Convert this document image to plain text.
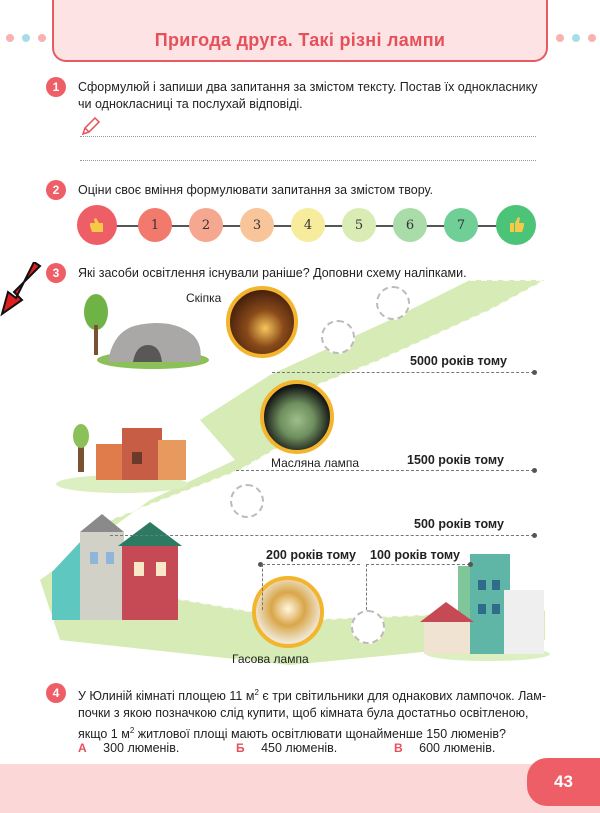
Пригода друга. Такі різні лампи
1	Сформулюй і запиши два запитання за змістом тексту. Постав їх однокласнику чи однокласниці та послухай відповіді.
2	Оціни своє вміння формулювати запитання за змістом твору.
1	2	3	4	5	6	7
3	Які засоби освітлення існували раніше? Доповни схему наліпками.
Скіпка
Масляна лампа
Гасова лампа
5000 років тому
1500 років тому
500 років тому
200 років тому 100 років тому
4	У Юлиній кімнаті площею 11 $м^2$ є три світильники для однакових лампочок. Лам-
почки з якою позначкою слід купити, щоб кімната була достатньо освітленою,
якщо 1 $м^2$ житлової площі мають освітлювати щонайменше 150 люменів?
А 300 люменів.	Б 450 люменів.	В 600 люменів.
43
